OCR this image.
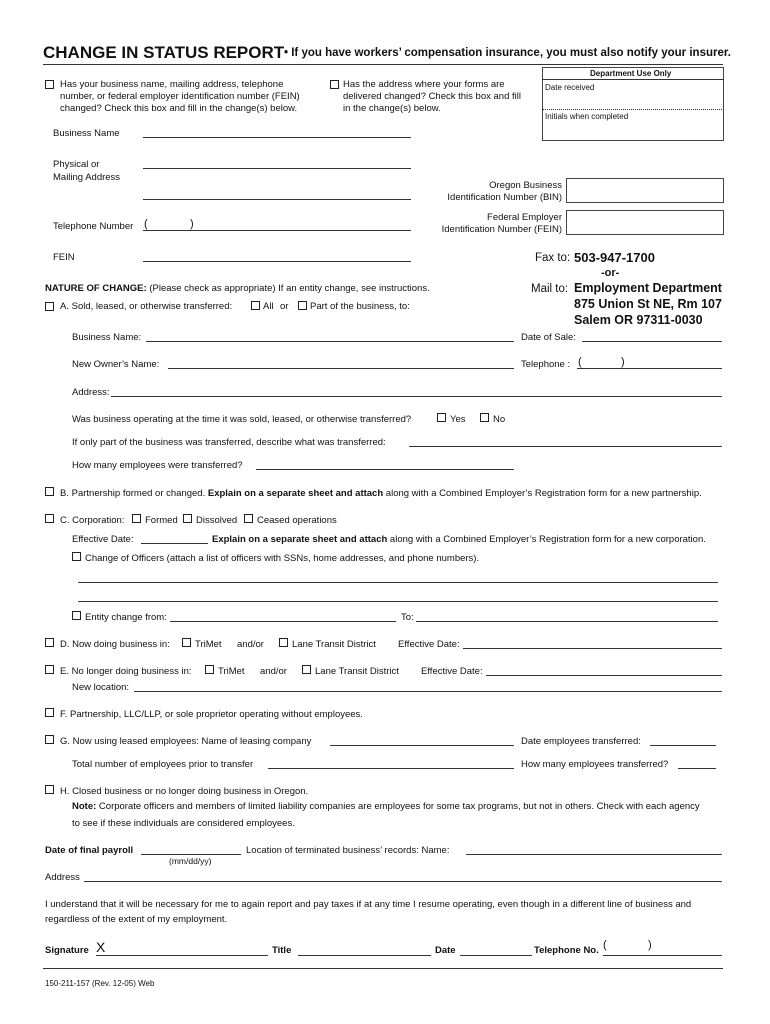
CHANGE IN STATUS REPORT • If you have workers’ compensation insurance, you must also notify your insurer.
Has your business name, mailing address, telephone number, or federal employer identification number (FEIN) changed? Check this box and fill in the change(s) below.
Has the address where your forms are delivered changed? Check this box and fill in the change(s) below.
Department Use Only
Date received
Initials when completed
Business Name
Physical or
Mailing Address
Telephone Number (	)
FEIN
Oregon Business
Identification Number (BIN)
Federal Employer
Identification Number (FEIN)
Fax to: 503-947-1700
-or-
Mail to: Employment Department
875 Union St NE, Rm 107
Salem OR 97311-0030
NATURE OF CHANGE: (Please check as appropriate) If an entity change, see instructions.
A. Sold, leased, or otherwise transferred:	All or Part of the business, to:
Business Name:	Date of Sale:
New Owner’s Name:	Telephone : (	)
Address:
Was business operating at the time it was sold, leased, or otherwise transferred?	Yes	No
If only part of the business was transferred, describe what was transferred:
How many employees were transferred?
B. Partnership formed or changed. Explain on a separate sheet and attach along with a Combined Employer’s Registration form for a new partnership.
C. Corporation: Formed Dissolved Ceased operations
Effective Date:	Explain on a separate sheet and attach along with a Combined Employer’s Registration form for a new corporation.
Change of Officers (attach a list of officers with SSNs, home addresses, and phone numbers).
Entity change from:	To:
D. Now doing business in:	TriMet and/or	Lane Transit District Effective Date:
E. No longer doing business in:	TriMet and/or	Lane Transit District Effective Date:
New location:
F. Partnership, LLC/LLP, or sole proprietor operating without employees.
G. Now using leased employees: Name of leasing company	Date employees transferred:
Total number of employees prior to transfer	How many employees transferred?
H. Closed business or no longer doing business in Oregon.
Note: Corporate officers and members of limited liability companies are employees for some tax programs, but not in others. Check with each agency
to see if these individuals are considered employees.
Date of final payroll
(mm/dd/yy)
Location of terminated business’ records: Name:
Address
I understand that it will be necessary for me to again report and pay taxes if at any time I resume operating, even though in a different line of business and
regardless of the extent of my employment.
Signature X	Title	Date	Telephone No. (	)
150-211-157 (Rev. 12-05) Web
